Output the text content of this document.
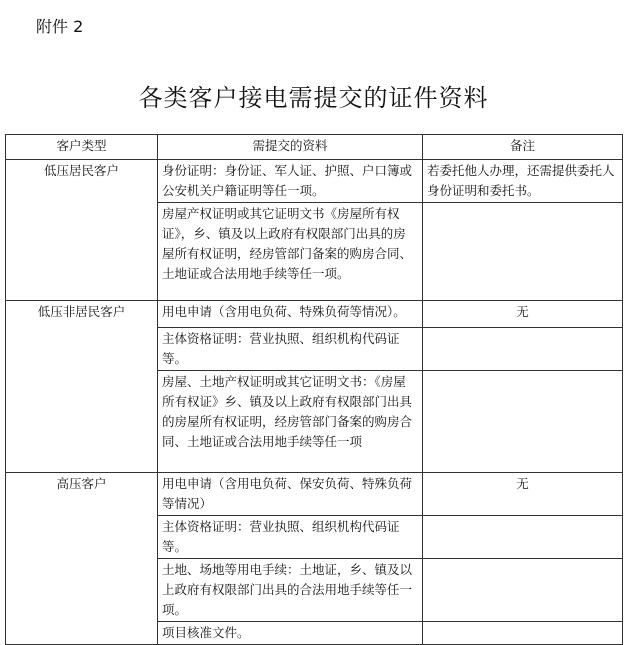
附件 2
各类客户接电需提交的证件资料
客户类型	需提交的资料	备注
低压居民客户	身份证明：身份证、军人证、护照、户口簿或公安机关户籍证明等任一项。	若委托他人办理，还需提供委托人身份证明和委托书。
	房屋产权证明或其它证明文书《房屋所有权证》，乡、镇及以上政府有权限部门出具的房屋所有权证明，经房管部门备案的购房合同、土地证或合法用地手续等任一项。	
低压非居民客户	用电申请（含用电负荷、特殊负荷等情况）。	无
	主体资格证明：营业执照、组织机构代码证等。	
	房屋、土地产权证明或其它证明文书：《房屋所有权证》乡、镇及以上政府有权限部门出具的房屋所有权证明，经房管部门备案的购房合同、土地证或合法用地手续等任一项	
高压客户	用电申请（含用电负荷、保安负荷、特殊负荷等情况）	无
	主体资格证明：营业执照、组织机构代码证等。	
	土地、场地等用电手续：土地证，乡、镇及以上政府有权限部门出具的合法用地手续等任一项。	
	项目核准文件。	
